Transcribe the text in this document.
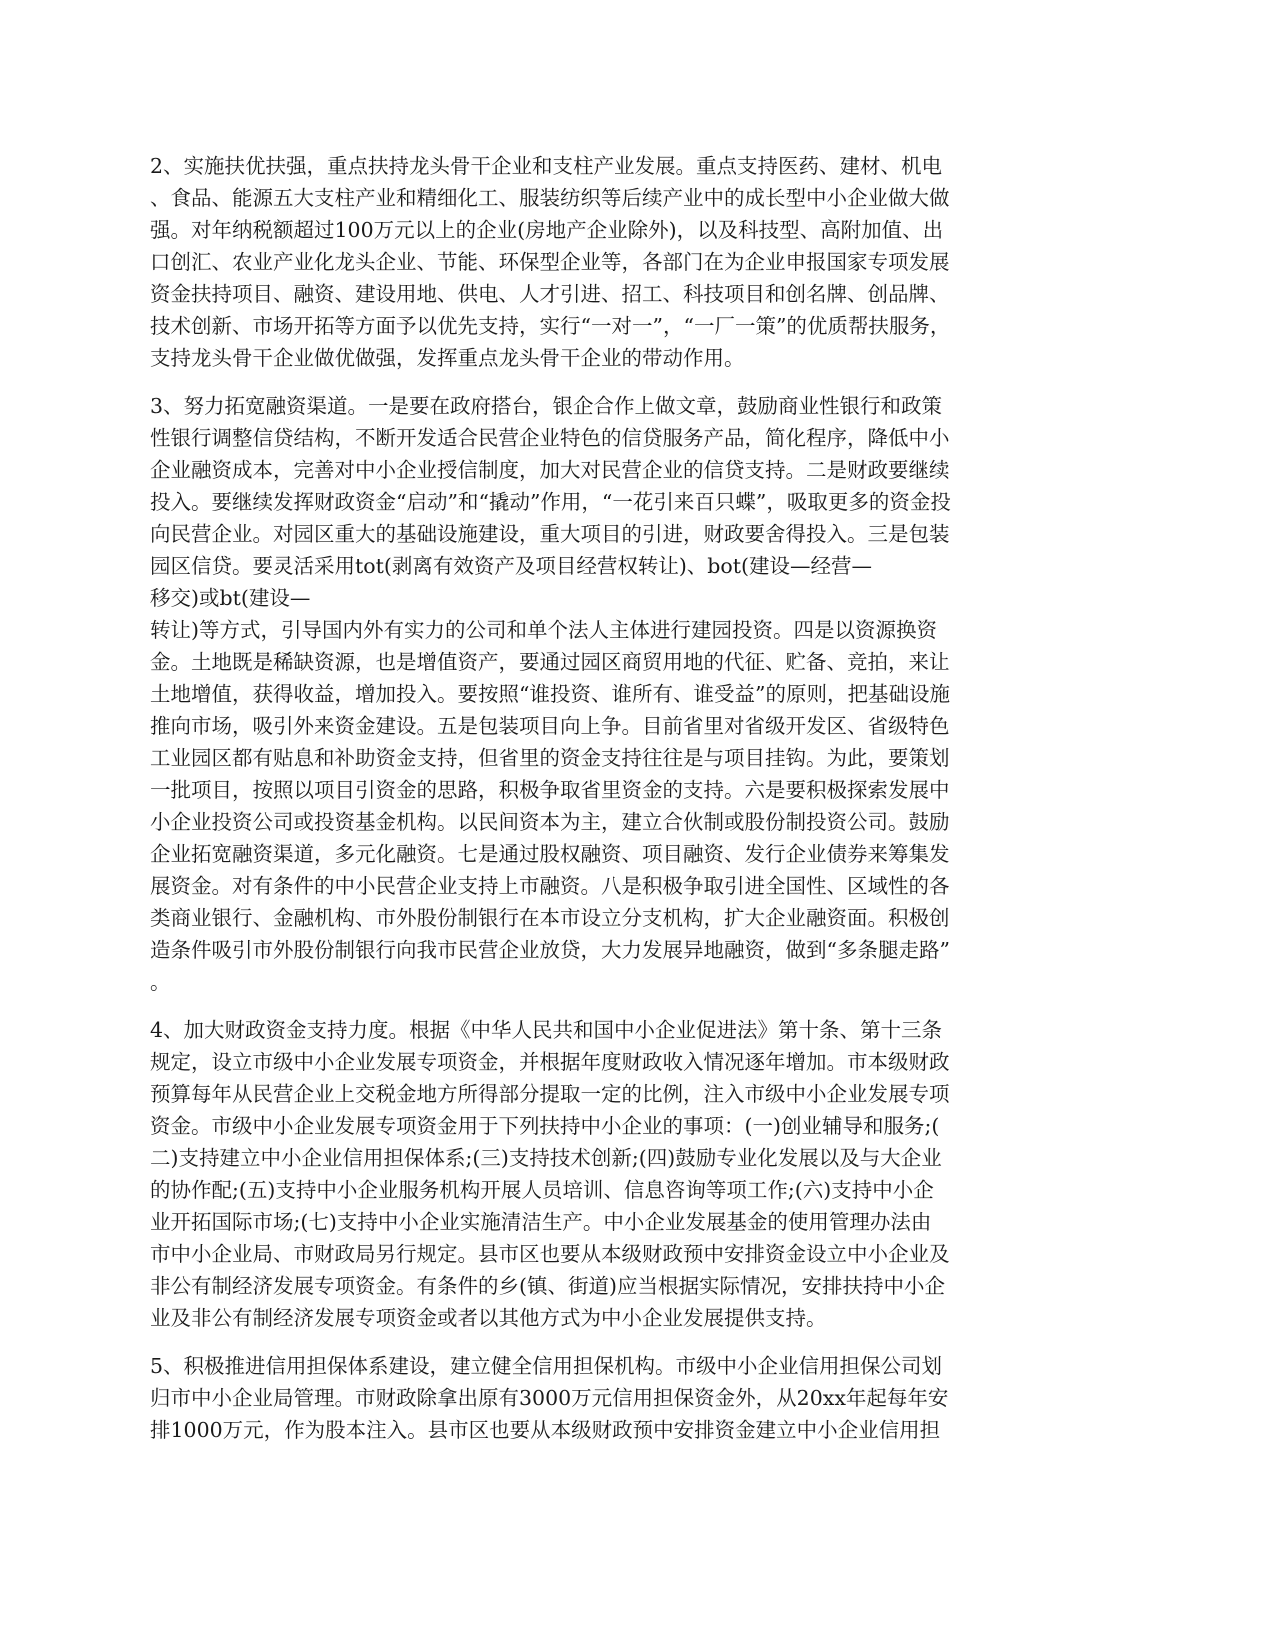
2、实施扶优扶强，重点扶持龙头骨干企业和支柱产业发展。重点支持医药、建材、机电
、食品、能源五大支柱产业和精细化工、服装纺织等后续产业中的成长型中小企业做大做
强。对年纳税额超过100万元以上的企业(房地产企业除外)，以及科技型、高附加值、出
口创汇、农业产业化龙头企业、节能、环保型企业等，各部门在为企业申报国家专项发展
资金扶持项目、融资、建设用地、供电、人才引进、招工、科技项目和创名牌、创品牌、
技术创新、市场开拓等方面予以优先支持，实行“一对一”，“一厂一策”的优质帮扶服务，
支持龙头骨干企业做优做强，发挥重点龙头骨干企业的带动作用。
3、努力拓宽融资渠道。一是要在政府搭台，银企合作上做文章，鼓励商业性银行和政策
性银行调整信贷结构，不断开发适合民营企业特色的信贷服务产品，简化程序，降低中小
企业融资成本，完善对中小企业授信制度，加大对民营企业的信贷支持。二是财政要继续
投入。要继续发挥财政资金“启动”和“撬动”作用，“一花引来百只蝶”，吸取更多的资金投
向民营企业。对园区重大的基础设施建设，重大项目的引进，财政要舍得投入。三是包装
园区信贷。要灵活采用tot(剥离有效资产及项目经营权转让)、bot(建设—经营—
移交)或bt(建设—
转让)等方式，引导国内外有实力的公司和单个法人主体进行建园投资。四是以资源换资
金。土地既是稀缺资源，也是增值资产，要通过园区商贸用地的代征、贮备、竞拍，来让
土地增值，获得收益，增加投入。要按照“谁投资、谁所有、谁受益”的原则，把基础设施
推向市场，吸引外来资金建设。五是包装项目向上争。目前省里对省级开发区、省级特色
工业园区都有贴息和补助资金支持，但省里的资金支持往往是与项目挂钩。为此，要策划
一批项目，按照以项目引资金的思路，积极争取省里资金的支持。六是要积极探索发展中
小企业投资公司或投资基金机构。以民间资本为主，建立合伙制或股份制投资公司。鼓励
企业拓宽融资渠道，多元化融资。七是通过股权融资、项目融资、发行企业债券来筹集发
展资金。对有条件的中小民营企业支持上市融资。八是积极争取引进全国性、区域性的各
类商业银行、金融机构、市外股份制银行在本市设立分支机构，扩大企业融资面。积极创
造条件吸引市外股份制银行向我市民营企业放贷，大力发展异地融资，做到“多条腿走路”
。
4、加大财政资金支持力度。根据《中华人民共和国中小企业促进法》第十条、第十三条
规定，设立市级中小企业发展专项资金，并根据年度财政收入情况逐年增加。市本级财政
预算每年从民营企业上交税金地方所得部分提取一定的比例，注入市级中小企业发展专项
资金。市级中小企业发展专项资金用于下列扶持中小企业的事项：(一)创业辅导和服务;(
二)支持建立中小企业信用担保体系;(三)支持技术创新;(四)鼓励专业化发展以及与大企业
的协作配;(五)支持中小企业服务机构开展人员培训、信息咨询等项工作;(六)支持中小企
业开拓国际市场;(七)支持中小企业实施清洁生产。中小企业发展基金的使用管理办法由
市中小企业局、市财政局另行规定。县市区也要从本级财政预中安排资金设立中小企业及
非公有制经济发展专项资金。有条件的乡(镇、街道)应当根据实际情况，安排扶持中小企
业及非公有制经济发展专项资金或者以其他方式为中小企业发展提供支持。
5、积极推进信用担保体系建设，建立健全信用担保机构。市级中小企业信用担保公司划
归市中小企业局管理。市财政除拿出原有3000万元信用担保资金外，从20xx年起每年安
排1000万元，作为股本注入。县市区也要从本级财政预中安排资金建立中小企业信用担
